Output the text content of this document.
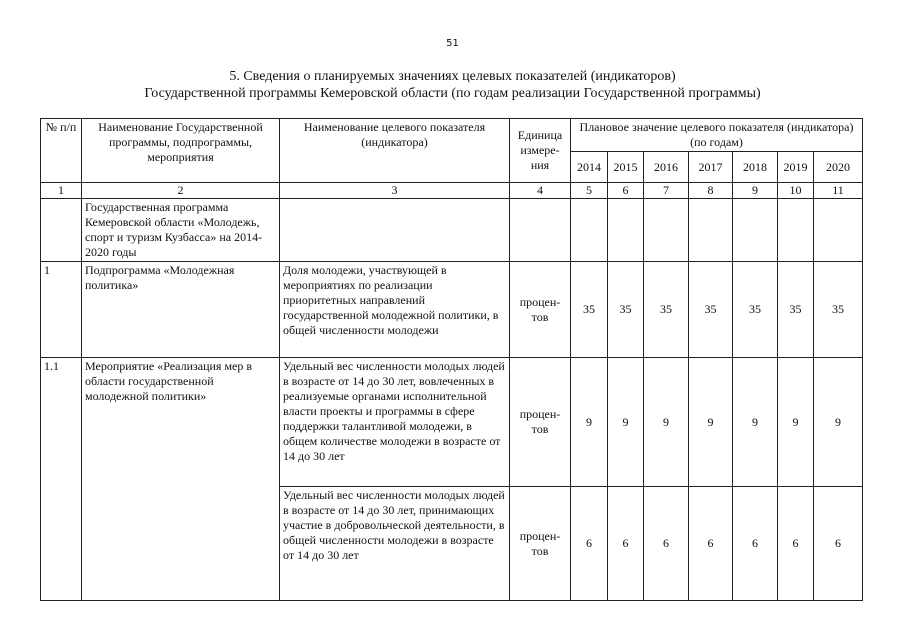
51
5. Сведения о планируемых значениях целевых показателей (индикаторов)
Государственной программы Кемеровской области (по годам реализации Государственной программы)
№ п/п	Наименование Государственной программы, подпрограммы, мероприятия	Наименование целевого показателя (индикатора)	Единица измере-ния	Плановое значение целевого показателя (индикатора) (по годам)						
				2014	2015	2016	2017	2018	2019	2020
1	2	3	4	5	6	7	8	9	10	11
	Государственная программа Кемеровской области «Молодежь, спорт и туризм Кузбасса» на 2014-2020 годы									
1	Подпрограмма «Молодежная политика»	Доля молодежи, участвующей в мероприятиях по реализации приоритетных направлений государственной молодежной политики, в общей численности молодежи	процен-тов	35	35	35	35	35	35	35
1.1	Мероприятие «Реализация мер в области государственной молодежной политики»	Удельный вес численности молодых людей в возрасте от 14 до 30 лет, вовлеченных в реализуемые органами исполнительной власти проекты и программы в сфере поддержки талантливой молодежи, в общем количестве молодежи в возрасте от 14 до 30 лет	процен-тов	9	9	9	9	9	9	9
		Удельный вес численности молодых людей в возрасте от 14 до 30 лет, принимающих участие в добровольческой деятельности, в общей численности молодежи в возрасте от 14 до 30 лет	процен-тов	6	6	6	6	6	6	6
